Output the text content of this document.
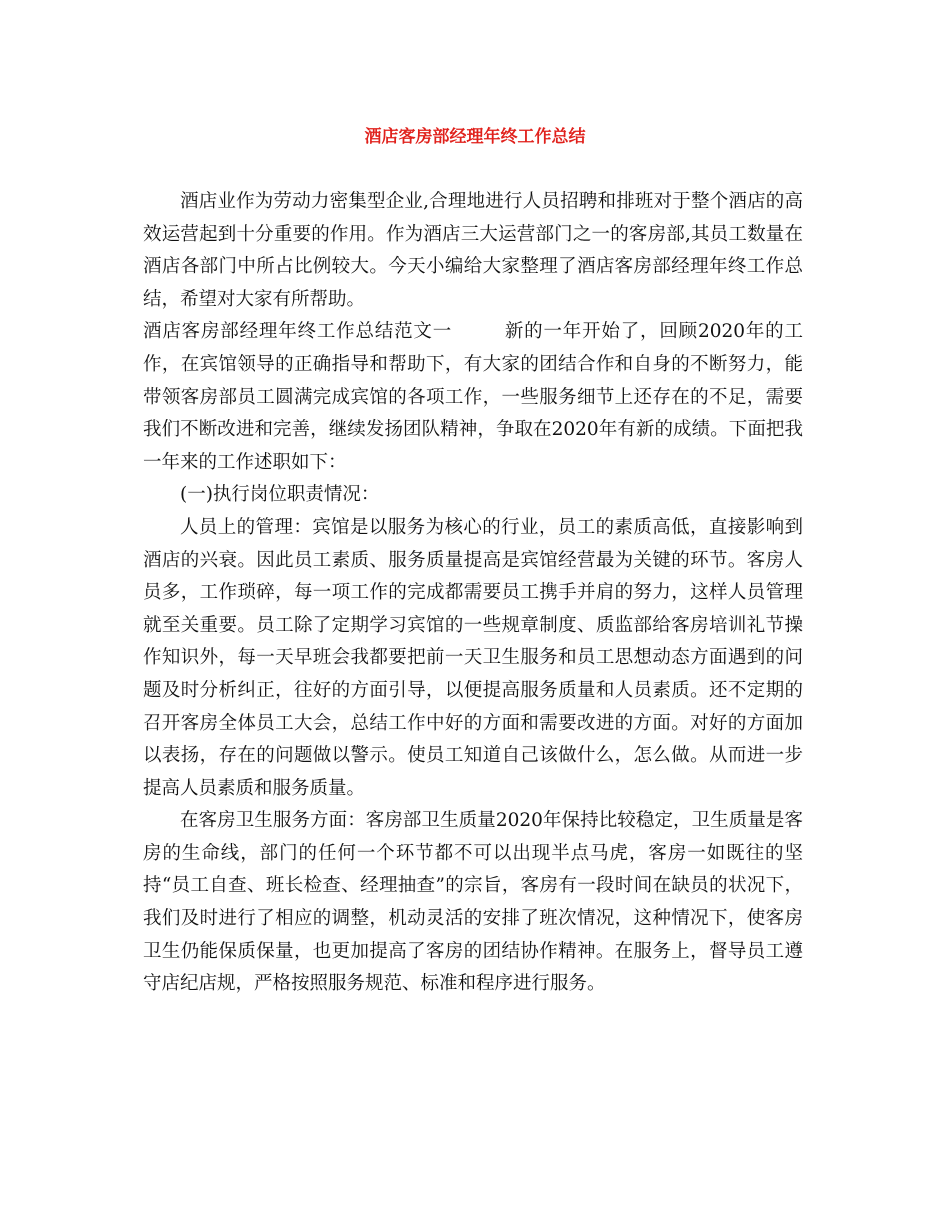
酒店客房部经理年终工作总结

酒店业作为劳动力密集型企业,合理地进行人员招聘和排班对于整个酒店的高效运营起到十分重要的作用。作为酒店三大运营部门之一的客房部,其员工数量在酒店各部门中所占比例较大。今天小编给大家整理了酒店客房部经理年终工作总结，希望对大家有所帮助。

酒店客房部经理年终工作总结范文一	新的一年开始了，回顾2020年的工作，在宾馆领导的正确指导和帮助下，有大家的团结合作和自身的不断努力，能带领客房部员工圆满完成宾馆的各项工作，一些服务细节上还存在的不足，需要我们不断改进和完善，继续发扬团队精神，争取在2020年有新的成绩。下面把我一年来的工作述职如下：

(一)执行岗位职责情况：

人员上的管理：宾馆是以服务为核心的行业，员工的素质高低，直接影响到酒店的兴衰。因此员工素质、服务质量提高是宾馆经营最为关键的环节。客房人员多，工作琐碎，每一项工作的完成都需要员工携手并肩的努力，这样人员管理就至关重要。员工除了定期学习宾馆的一些规章制度、质监部给客房培训礼节操作知识外，每一天早班会我都要把前一天卫生服务和员工思想动态方面遇到的问题及时分析纠正，往好的方面引导，以便提高服务质量和人员素质。还不定期的召开客房全体员工大会，总结工作中好的方面和需要改进的方面。对好的方面加以表扬，存在的问题做以警示。使员工知道自己该做什么，怎么做。从而进一步提高人员素质和服务质量。

在客房卫生服务方面：客房部卫生质量2020年保持比较稳定，卫生质量是客房的生命线，部门的任何一个环节都不可以出现半点马虎，客房一如既往的坚持“员工自查、班长检查、经理抽查”的宗旨，客房有一段时间在缺员的状况下，我们及时进行了相应的调整，机动灵活的安排了班次情况，这种情况下，使客房卫生仍能保质保量，也更加提高了客房的团结协作精神。在服务上，督导员工遵守店纪店规，严格按照服务规范、标准和程序进行服务。
